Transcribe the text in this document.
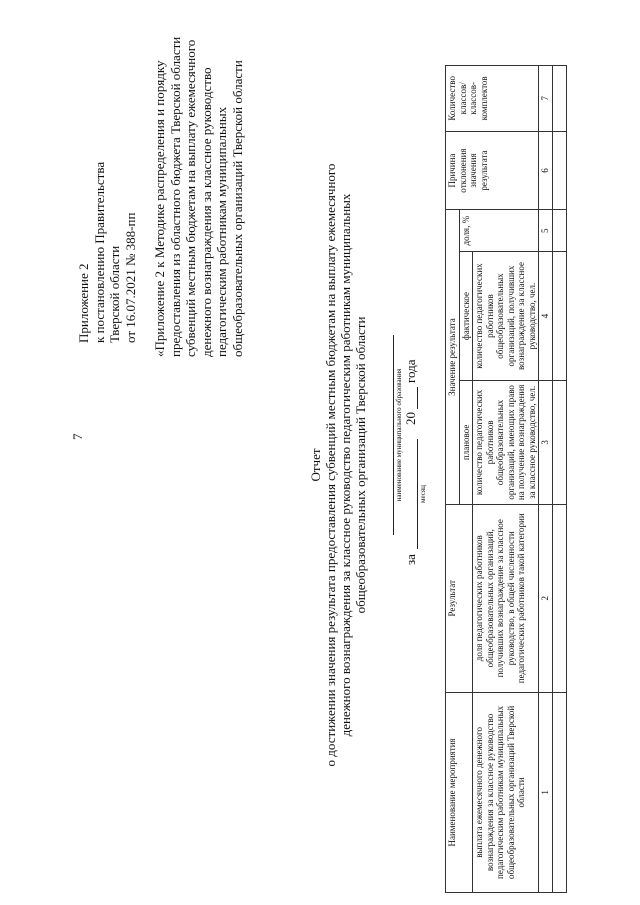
7
Приложение 2 к постановлению Правительства Тверской области от 16.07.2021 № 388-пп «Приложение 2 к Методике распределения и порядку предоставления из областного бюджета Тверской области субвенций местным бюджетам на выплату ежемесячного денежного вознаграждения за классное руководство педагогическим работникам муниципальных общеобразовательных организаций Тверской области
Отчет о достижении значения результата предоставления субвенций местным бюджетам на выплату ежемесячного денежного вознаграждения за классное руководство педагогическим работникам муниципальных общеобразовательных организаций Тверской области	наименование муниципального образования
за
месяц
20
года
Наименование мероприятия	Результат	Значение результата			Причина отклонения значения результата	Количество классов/ классов-комплектов
		плановое	фактическое	доля, %		
выплата ежемесячного денежного вознаграждения за классное руководство педагогическим работникам муниципальных общеобразовательных организаций Тверской области	доля педагогических работников общеобразовательных организаций, получивших вознаграждение за классное руководство, в общей численности педагогических работников такой категории	количество педагогических работников общеобразовательных организаций, имеющих право на получение вознаграждения за классное руководство, чел.	количество педагогических работников общеобразовательных организаций, получивших вознаграждение за классное руководство, чел.			
1	2	3	4	5	6	7
